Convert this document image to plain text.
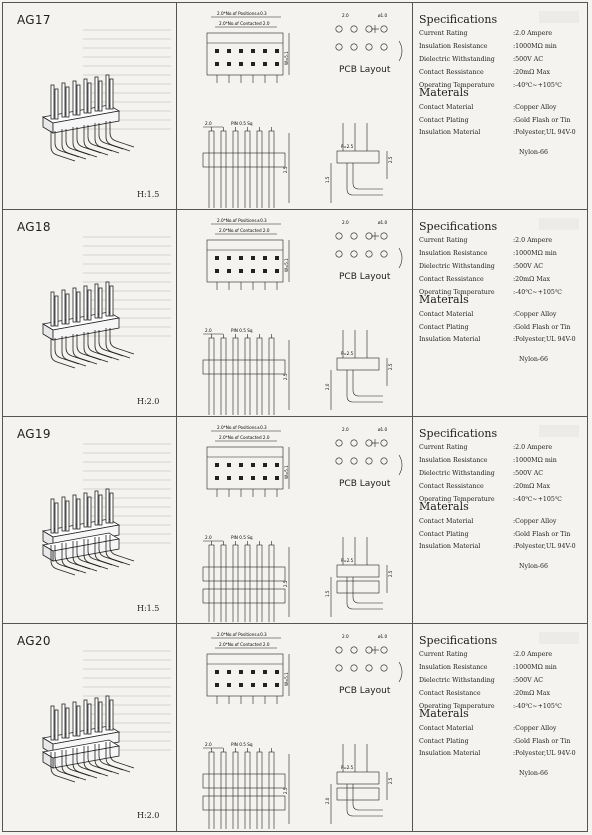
AG17
H:1.5
2.0*No.of Positions±0.3
2.0*No.of Contacted 2.0
W=5.1
2.0	PIN 0.5 Sq
2.5
2.0	ø1.0
P=2.5
2.5
1.5
PCB Layout
Specifications
Current Rating	:2.0 Ampere
Insulation Resistance	:1000MΩ min
Dielectric Withstanding	:500V AC
Contact Ressistance	:20mΩ Max
Operating Temperature	:-40℃~+105℃
Materals
Contact Material	:Copper Alloy
Contact Plating	:Gold Flash or Tin
Insulation Material	:Polyester,UL 94V-0
Nylon-66
AG18
H:2.0
2.0*No.of Positions±0.3
2.0*No.of Contacted 2.0
W=5.1
2.0	PIN 0.5 Sq
2.5
2.0	ø1.0
P=2.5
2.5
2.0
PCB Layout
Specifications
Current Rating	:2.0 Ampere
Insulation Resistance	:1000MΩ min
Dielectric Withstanding	:500V AC
Contact Ressistance	:20mΩ Max
Operating Temperature	:-40℃~+105℃
Materals
Contact Material	:Copper Alloy
Contact Plating	:Gold Flash or Tin
Insulation Material	:Polyester,UL 94V-0
Nylon-66
AG19
H:1.5
2.0*No.of Positions±0.3
2.0*No.of Contacted 2.0
W=5.1
2.0	PIN 0.5 Sq
2.5
2.0	ø1.0
P=2.5
2.5
1.5
PCB Layout
Specifications
Current Rating	:2.0 Ampere
Insulation Resistance	:1000MΩ min
Dielectric Withstanding	:500V AC
Contact Ressistance	:20mΩ Max
Operating Temperature	:-40℃~+105℃
Materals
Contact Material	:Copper Alloy
Contact Plating	:Gold Flash or Tin
Insulation Material	:Polyester,UL 94V-0
Nylon-66
AG20
H:2.0
2.0*No.of Positions±0.3
2.0*No.of Contacted 2.0
W=5.1
2.0	PIN 0.5 Sq
2.5
2.0	ø1.0
P=2.5
2.5
2.0
PCB Layout
Specifications
Current Rating	:2.0 Ampere
Insulation Resistance	:1000MΩ min
Dielectric Withstanding	:500V AC
Contact Resistance	:20mΩ Max
Operating Temperature	:-40℃~+105℃
Materals
Contact Material	:Copper Alloy
Contact Plating	:Gold Flash or Tin
Insulation Material	:Polyester,UL 94V-0
Nylon-66
